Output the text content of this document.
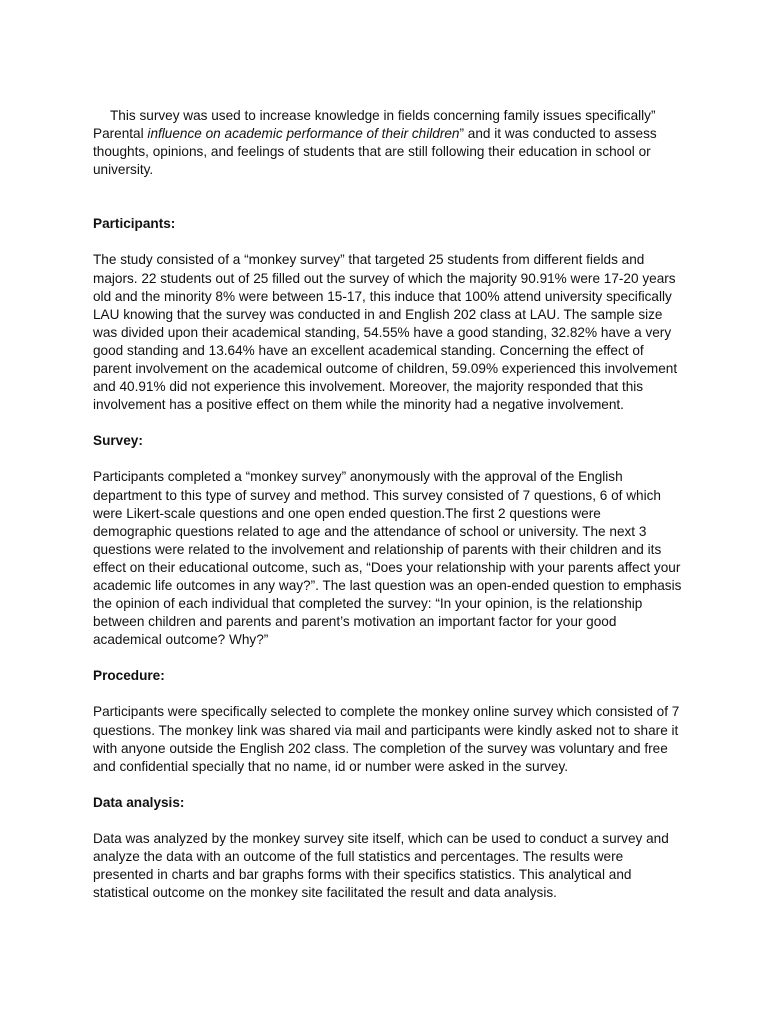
This survey was used to increase knowledge in fields concerning family issues specifically” Parental influence on academic performance of their children” and it was conducted to assess thoughts, opinions, and feelings of students that are still following their education in school or university.

Participants:

The study consisted of a “monkey survey” that targeted 25 students from different fields and majors. 22 students out of 25 filled out the survey of which the majority 90.91% were 17-20 years old and the minority 8% were between 15-17, this induce that 100% attend university specifically LAU knowing that the survey was conducted in and English 202 class at LAU. The sample size was divided upon their academical standing, 54.55% have a good standing, 32.82% have a very good standing and 13.64% have an excellent academical standing. Concerning the effect of parent involvement on the academical outcome of children, 59.09% experienced this involvement and 40.91% did not experience this involvement. Moreover, the majority responded that this involvement has a positive effect on them while the minority had a negative involvement.

Survey:

Participants completed a “monkey survey” anonymously with the approval of the English department to this type of survey and method. This survey consisted of 7 questions, 6 of which were Likert-scale questions and one open ended question.The first 2 questions were demographic questions related to age and the attendance of school or university. The next 3 questions were related to the involvement and relationship of parents with their children and its effect on their educational outcome, such as, “Does your relationship with your parents affect your academic life outcomes in any way?”. The last question was an open-ended question to emphasis the opinion of each individual that completed the survey: “In your opinion, is the relationship between children and parents and parent’s motivation an important factor for your good academical outcome? Why?”

Procedure:

Participants were specifically selected to complete the monkey online survey which consisted of 7 questions. The monkey link was shared via mail and participants were kindly asked not to share it with anyone outside the English 202 class. The completion of the survey was voluntary and free and confidential specially that no name, id or number were asked in the survey.

Data analysis:

Data was analyzed by the monkey survey site itself, which can be used to conduct a survey and analyze the data with an outcome of the full statistics and percentages. The results were presented in charts and bar graphs forms with their specifics statistics. This analytical and statistical outcome on the monkey site facilitated the result and data analysis.
